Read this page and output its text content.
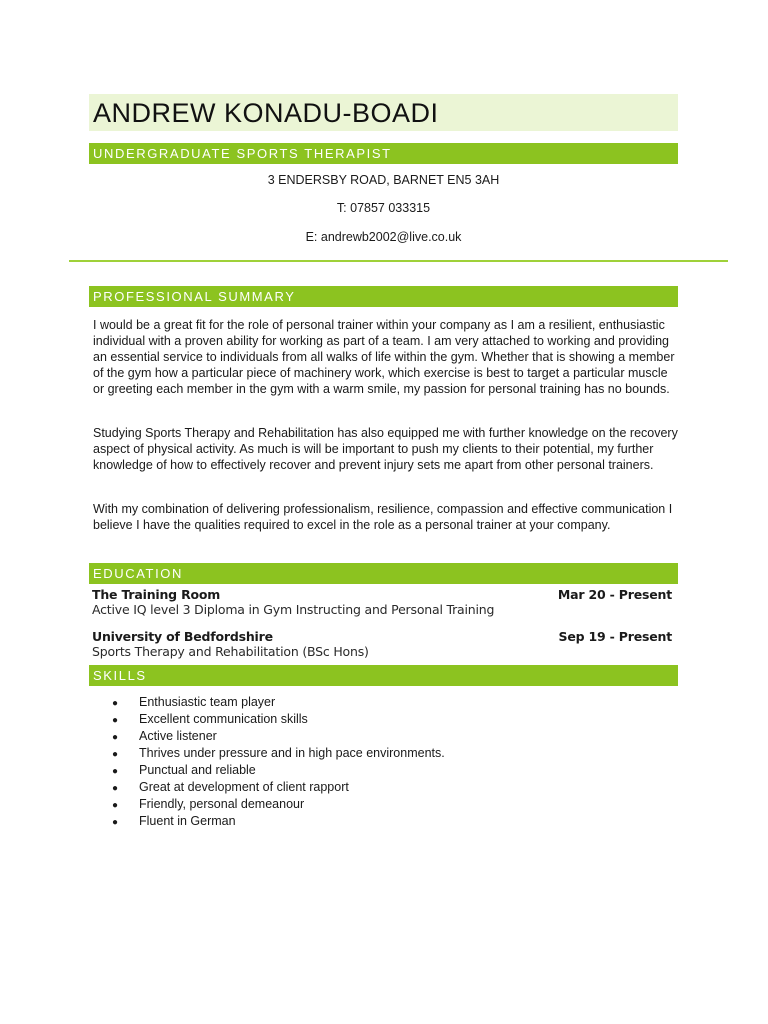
ANDREW KONADU-BOADI
UNDERGRADUATE SPORTS THERAPIST
3 ENDERSBY ROAD, BARNET EN5 3AH
T: 07857 033315
E: andrewb2002@live.co.uk
PROFESSIONAL SUMMARY
I would be a great fit for the role of personal trainer within your company as I am a resilient, enthusiastic individual with a proven ability for working as part of a team. I am very attached to working and providing an essential service to individuals from all walks of life within the gym. Whether that is showing a member of the gym how a particular piece of machinery work, which exercise is best to target a particular muscle or greeting each member in the gym with a warm smile, my passion for personal training has no bounds.
Studying Sports Therapy and Rehabilitation has also equipped me with further knowledge on the recovery aspect of physical activity. As much is will be important to push my clients to their potential, my further knowledge of how to effectively recover and prevent injury sets me apart from other personal trainers.
With my combination of delivering professionalism, resilience, compassion and effective communication I believe I have the qualities required to excel in the role as a personal trainer at your company.
EDUCATION
The Training Room	Mar 20 - Present
Active IQ level 3 Diploma in Gym Instructing and Personal Training
University of Bedfordshire	Sep 19 - Present
Sports Therapy and Rehabilitation (BSc Hons)
SKILLS
● Enthusiastic team player
● Excellent communication skills
● Active listener
● Thrives under pressure and in high pace environments.
● Punctual and reliable
● Great at development of client rapport
● Friendly, personal demeanour
● Fluent in German
